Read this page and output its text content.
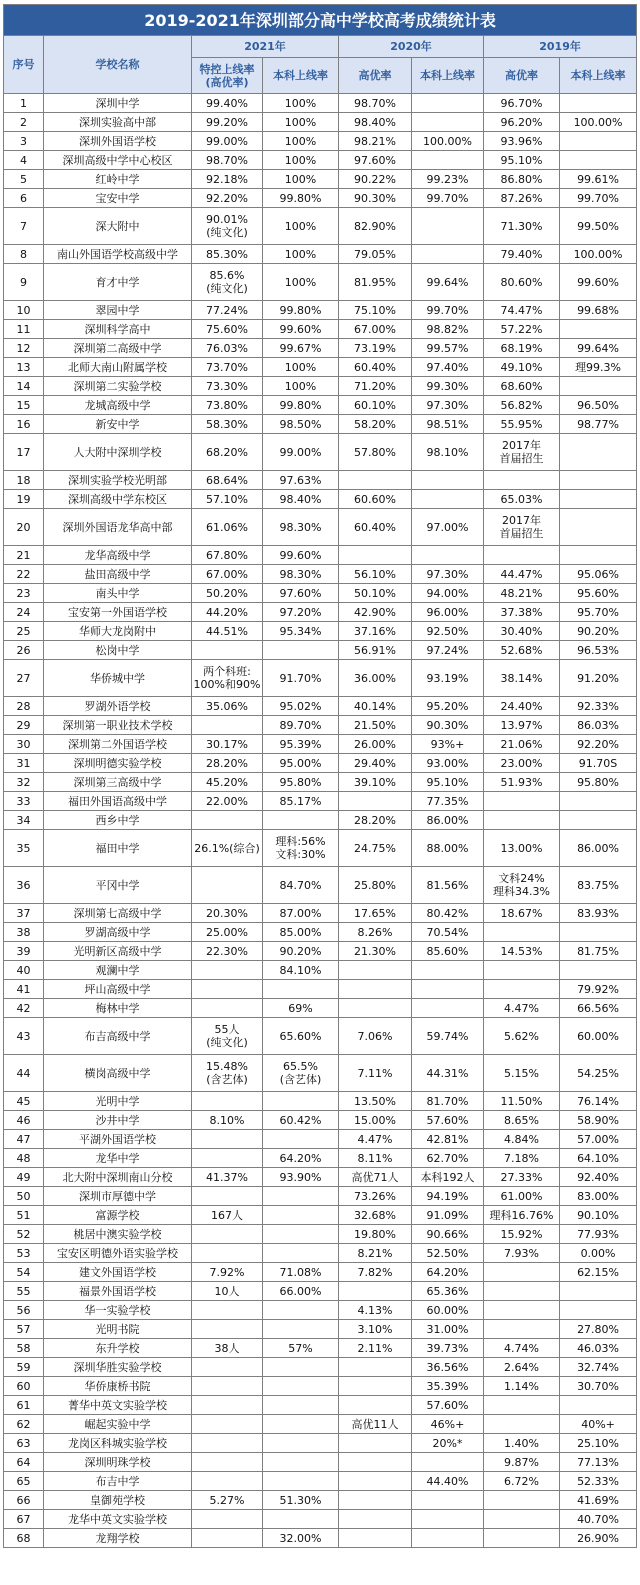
2019-2021年深圳部分高中学校高考成绩统计表							
序号	学校名称	2021年		2020年		2019年	
		特控上线率
(高优率)	本科上线率	高优率	本科上线率	高优率	本科上线率
1	深圳中学	99.40%	100%	98.70%		96.70%	
2	深圳实验高中部	99.20%	100%	98.40%		96.20%	100.00%
3	深圳外国语学校	99.00%	100%	98.21%	100.00%	93.96%	
4	深圳高级中学中心校区	98.70%	100%	97.60%		95.10%	
5	红岭中学	92.18%	100%	90.22%	99.23%	86.80%	99.61%
6	宝安中学	92.20%	99.80%	90.30%	99.70%	87.26%	99.70%
7	深大附中	90.01%
(纯文化)	100%	82.90%		71.30%	99.50%
8	南山外国语学校高级中学	85.30%	100%	79.05%		79.40%	100.00%
9	育才中学	85.6%
(纯文化)	100%	81.95%	99.64%	80.60%	99.60%
10	翠园中学	77.24%	99.80%	75.10%	99.70%	74.47%	99.68%
11	深圳科学高中	75.60%	99.60%	67.00%	98.82%	57.22%	
12	深圳第二高级中学	76.03%	99.67%	73.19%	99.57%	68.19%	99.64%
13	北师大南山附属学校	73.70%	100%	60.40%	97.40%	49.10%	理99.3%
14	深圳第二实验学校	73.30%	100%	71.20%	99.30%	68.60%	
15	龙城高级中学	73.80%	99.80%	60.10%	97.30%	56.82%	96.50%
16	新安中学	58.30%	98.50%	58.20%	98.51%	55.95%	98.77%
17	人大附中深圳学校	68.20%	99.00%	57.80%	98.10%	2017年
首届招生	
18	深圳实验学校光明部	68.64%	97.63%				
19	深圳高级中学东校区	57.10%	98.40%	60.60%		65.03%	
20	深圳外国语龙华高中部	61.06%	98.30%	60.40%	97.00%	2017年
首届招生	
21	龙华高级中学	67.80%	99.60%				
22	盐田高级中学	67.00%	98.30%	56.10%	97.30%	44.47%	95.06%
23	南头中学	50.20%	97.60%	50.10%	94.00%	48.21%	95.60%
24	宝安第一外国语学校	44.20%	97.20%	42.90%	96.00%	37.38%	95.70%
25	华师大龙岗附中	44.51%	95.34%	37.16%	92.50%	30.40%	90.20%
26	松岗中学			56.91%	97.24%	52.68%	96.53%
27	华侨城中学	两个科班:
100%和90%	91.70%	36.00%	93.19%	38.14%	91.20%
28	罗湖外语学校	35.06%	95.02%	40.14%	95.20%	24.40%	92.33%
29	深圳第一职业技术学校		89.70%	21.50%	90.30%	13.97%	86.03%
30	深圳第二外国语学校	30.17%	95.39%	26.00%	93%+	21.06%	92.20%
31	深圳明德实验学校	28.20%	95.00%	29.40%	93.00%	23.00%	91.70S
32	深圳第三高级中学	45.20%	95.80%	39.10%	95.10%	51.93%	95.80%
33	福田外国语高级中学	22.00%	85.17%		77.35%		
34	西乡中学			28.20%	86.00%		
35	福田中学	26.1%(综合)	理科:56%
文科:30%	24.75%	88.00%	13.00%	86.00%
36	平冈中学		84.70%	25.80%	81.56%	文科24%
理科34.3%	83.75%
37	深圳第七高级中学	20.30%	87.00%	17.65%	80.42%	18.67%	83.93%
38	罗湖高级中学	25.00%	85.00%	8.26%	70.54%		
39	光明新区高级中学	22.30%	90.20%	21.30%	85.60%	14.53%	81.75%
40	观澜中学		84.10%				
41	坪山高级中学						79.92%
42	梅林中学		69%			4.47%	66.56%
43	布吉高级中学	55人
(纯文化)	65.60%	7.06%	59.74%	5.62%	60.00%
44	横岗高级中学	15.48%
(含艺体)	65.5%
(含艺体)	7.11%	44.31%	5.15%	54.25%
45	光明中学			13.50%	81.70%	11.50%	76.14%
46	沙井中学	8.10%	60.42%	15.00%	57.60%	8.65%	58.90%
47	平湖外国语学校			4.47%	42.81%	4.84%	57.00%
48	龙华中学		64.20%	8.11%	62.70%	7.18%	64.10%
49	北大附中深圳南山分校	41.37%	93.90%	高优71人	本科192人	27.33%	92.40%
50	深圳市厚德中学			73.26%	94.19%	61.00%	83.00%
51	富源学校	167人		32.68%	91.09%	理科16.76%	90.10%
52	桃居中澳实验学校			19.80%	90.66%	15.92%	77.93%
53	宝安区明德外语实验学校			8.21%	52.50%	7.93%	0.00%
54	建文外国语学校	7.92%	71.08%	7.82%	64.20%		62.15%
55	福景外国语学校	10人	66.00%		65.36%		
56	华一实验学校			4.13%	60.00%		
57	光明书院			3.10%	31.00%		27.80%
58	东升学校	38人	57%	2.11%	39.73%	4.74%	46.03%
59	深圳华胜实验学校				36.56%	2.64%	32.74%
60	华侨康桥书院				35.39%	1.14%	30.70%
61	菁华中英文实验学校				57.60%		
62	崛起实验中学			高优11人	46%+		40%+
63	龙岗区科城实验学校				20%*	1.40%	25.10%
64	深圳明珠学校					9.87%	77.13%
65	布吉中学				44.40%	6.72%	52.33%
66	皇御苑学校	5.27%	51.30%				41.69%
67	龙华中英文实验学校						40.70%
68	龙翔学校		32.00%				26.90%
